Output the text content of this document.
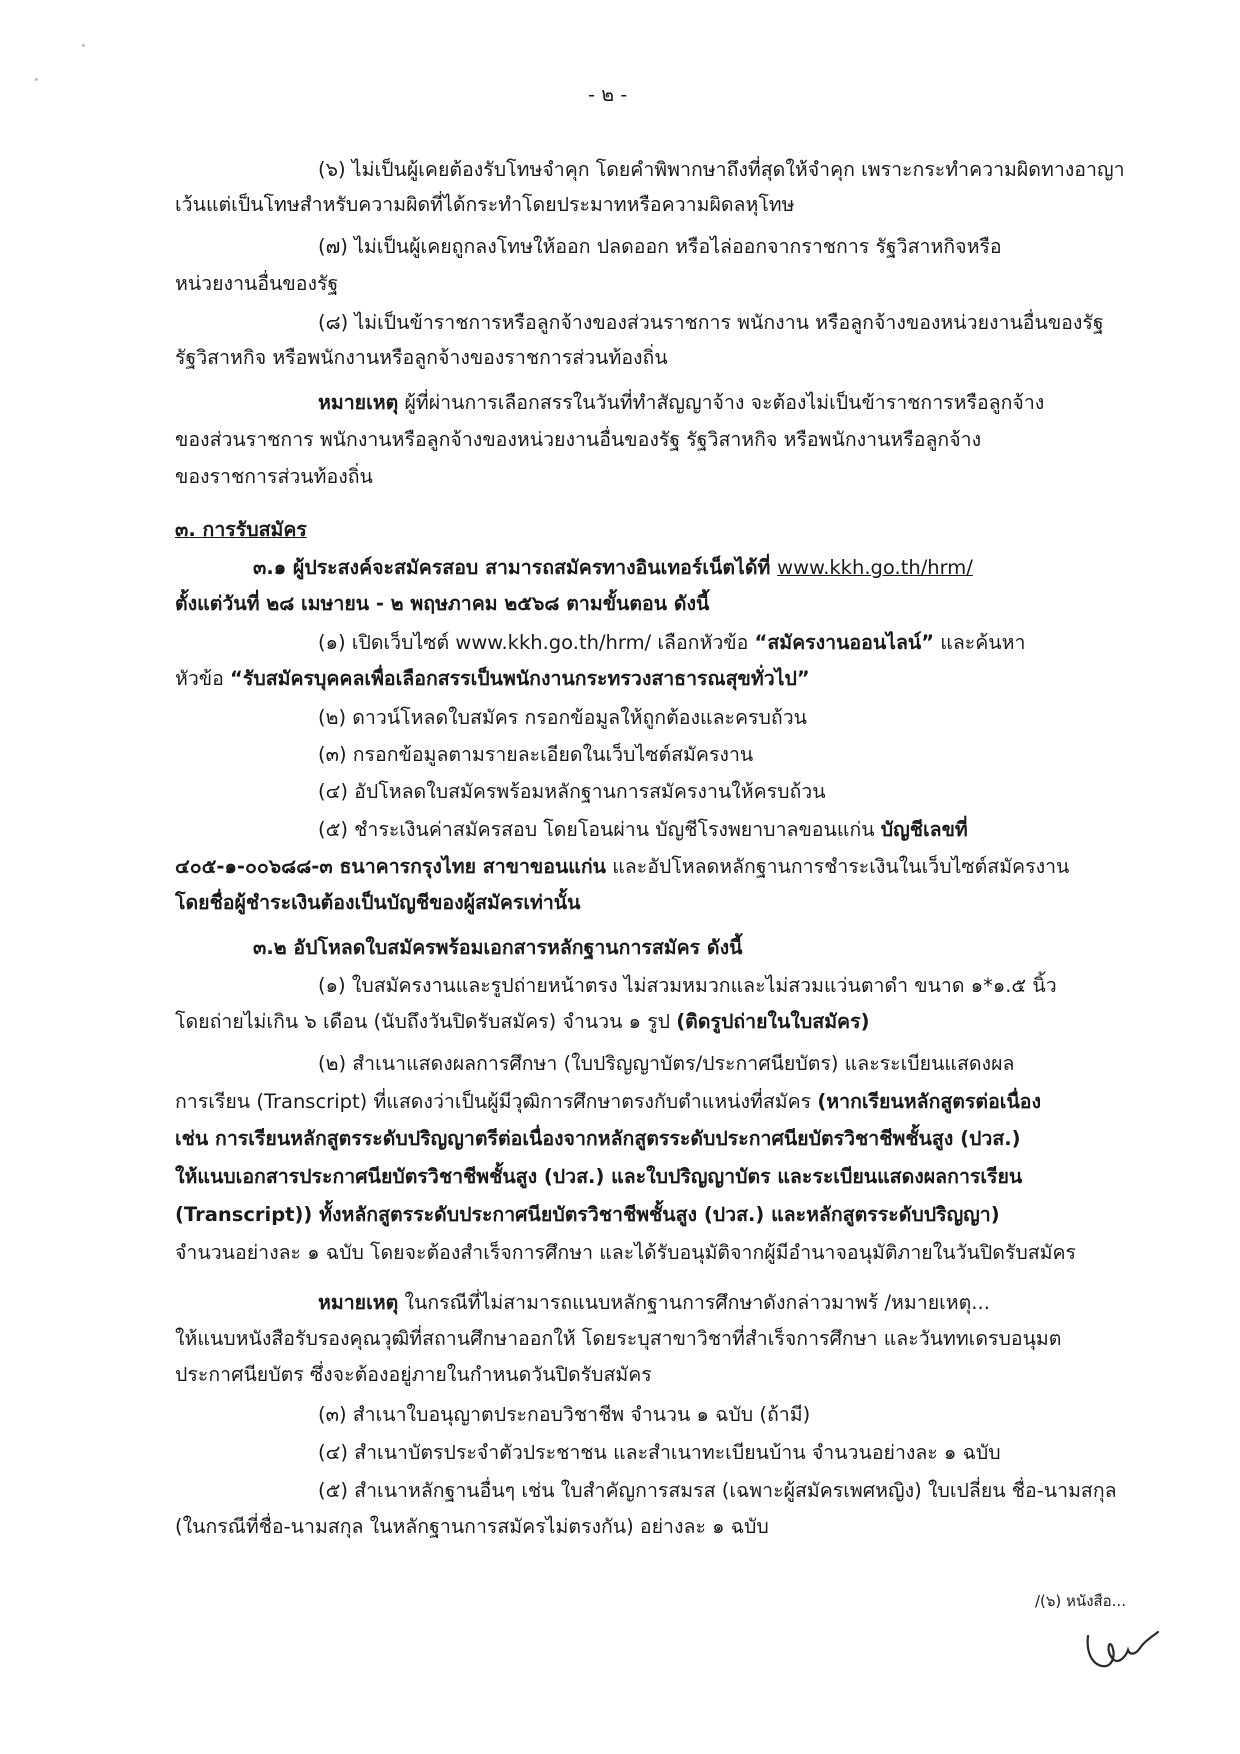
- ๒ -
(๖) ไม่เป็นผู้เคยต้องรับโทษจำคุก โดยคำพิพากษาถึงที่สุดให้จำคุก เพราะกระทำความผิดทางอาญา
เว้นแต่เป็นโทษสำหรับความผิดที่ได้กระทำโดยประมาทหรือความผิดลหุโทษ
(๗) ไม่เป็นผู้เคยถูกลงโทษให้ออก ปลดออก หรือไล่ออกจากราชการ รัฐวิสาหกิจหรือ
หน่วยงานอื่นของรัฐ
(๘) ไม่เป็นข้าราชการหรือลูกจ้างของส่วนราชการ พนักงาน หรือลูกจ้างของหน่วยงานอื่นของรัฐ
รัฐวิสาหกิจ หรือพนักงานหรือลูกจ้างของราชการส่วนท้องถิ่น
หมายเหตุ ผู้ที่ผ่านการเลือกสรรในวันที่ทำสัญญาจ้าง จะต้องไม่เป็นข้าราชการหรือลูกจ้าง
ของส่วนราชการ พนักงานหรือลูกจ้างของหน่วยงานอื่นของรัฐ รัฐวิสาหกิจ หรือพนักงานหรือลูกจ้าง
ของราชการส่วนท้องถิ่น
๓. การรับสมัคร
๓.๑ ผู้ประสงค์จะสมัครสอบ สามารถสมัครทางอินเทอร์เน็ตได้ที่ www.kkh.go.th/hrm/
ตั้งแต่วันที่ ๒๘ เมษายน - ๒ พฤษภาคม ๒๕๖๘ ตามขั้นตอน ดังนี้
(๑) เปิดเว็บไซต์ www.kkh.go.th/hrm/ เลือกหัวข้อ “สมัครงานออนไลน์” และค้นหา
หัวข้อ “รับสมัครบุคคลเพื่อเลือกสรรเป็นพนักงานกระทรวงสาธารณสุขทั่วไป”
(๒) ดาวน์โหลดใบสมัคร กรอกข้อมูลให้ถูกต้องและครบถ้วน
(๓) กรอกข้อมูลตามรายละเอียดในเว็บไซต์สมัครงาน
(๔) อัปโหลดใบสมัครพร้อมหลักฐานการสมัครงานให้ครบถ้วน
(๕) ชำระเงินค่าสมัครสอบ โดยโอนผ่าน บัญชีโรงพยาบาลขอนแก่น บัญชีเลขที่
๔๐๕-๑-๐๐๖๘๘-๓ ธนาคารกรุงไทย สาขาขอนแก่น และอัปโหลดหลักฐานการชำระเงินในเว็บไซต์สมัครงาน
โดยชื่อผู้ชำระเงินต้องเป็นบัญชีของผู้สมัครเท่านั้น
๓.๒ อัปโหลดใบสมัครพร้อมเอกสารหลักฐานการสมัคร ดังนี้
(๑) ใบสมัครงานและรูปถ่ายหน้าตรง ไม่สวมหมวกและไม่สวมแว่นตาดำ ขนาด ๑*๑.๕ นิ้ว
โดยถ่ายไม่เกิน ๖ เดือน (นับถึงวันปิดรับสมัคร) จำนวน ๑ รูป (ติดรูปถ่ายในใบสมัคร)
(๒) สำเนาแสดงผลการศึกษา (ใบปริญญาบัตร/ประกาศนียบัตร) และระเบียนแสดงผล
การเรียน (Transcript) ที่แสดงว่าเป็นผู้มีวุฒิการศึกษาตรงกับตำแหน่งที่สมัคร (หากเรียนหลักสูตรต่อเนื่อง
เช่น การเรียนหลักสูตรระดับปริญญาตรีต่อเนื่องจากหลักสูตรระดับประกาศนียบัตรวิชาชีพชั้นสูง (ปวส.)
ให้แนบเอกสารประกาศนียบัตรวิชาชีพชั้นสูง (ปวส.) และใบปริญญาบัตร และระเบียนแสดงผลการเรียน
(Transcript)) ทั้งหลักสูตรระดับประกาศนียบัตรวิชาชีพชั้นสูง (ปวส.) และหลักสูตรระดับปริญญา)
จำนวนอย่างละ ๑ ฉบับ โดยจะต้องสำเร็จการศึกษา และได้รับอนุมัติจากผู้มีอำนาจอนุมัติภายในวันปิดรับสมัคร
หมายเหตุ ในกรณีที่ไม่สามารถแนบหลักฐานการศึกษาดังกล่าวมาพร้ /หมายเหตุ...
ให้แนบหนังสือรับรองคุณวุฒิที่สถานศึกษาออกให้ โดยระบุสาขาวิชาที่สำเร็จการศึกษา และวันททเดรบอนุมต
ประกาศนียบัตร ซึ่งจะต้องอยู่ภายในกำหนดวันปิดรับสมัคร
(๓) สำเนาใบอนุญาตประกอบวิชาชีพ จำนวน ๑ ฉบับ (ถ้ามี)
(๔) สำเนาบัตรประจำตัวประชาชน และสำเนาทะเบียนบ้าน จำนวนอย่างละ ๑ ฉบับ
(๕) สำเนาหลักฐานอื่นๆ เช่น ใบสำคัญการสมรส (เฉพาะผู้สมัครเพศหญิง) ใบเปลี่ยน ชื่อ-นามสกุล
(ในกรณีที่ชื่อ-นามสกุล ในหลักฐานการสมัครไม่ตรงกัน) อย่างละ ๑ ฉบับ
/(๖) หนังสือ...
